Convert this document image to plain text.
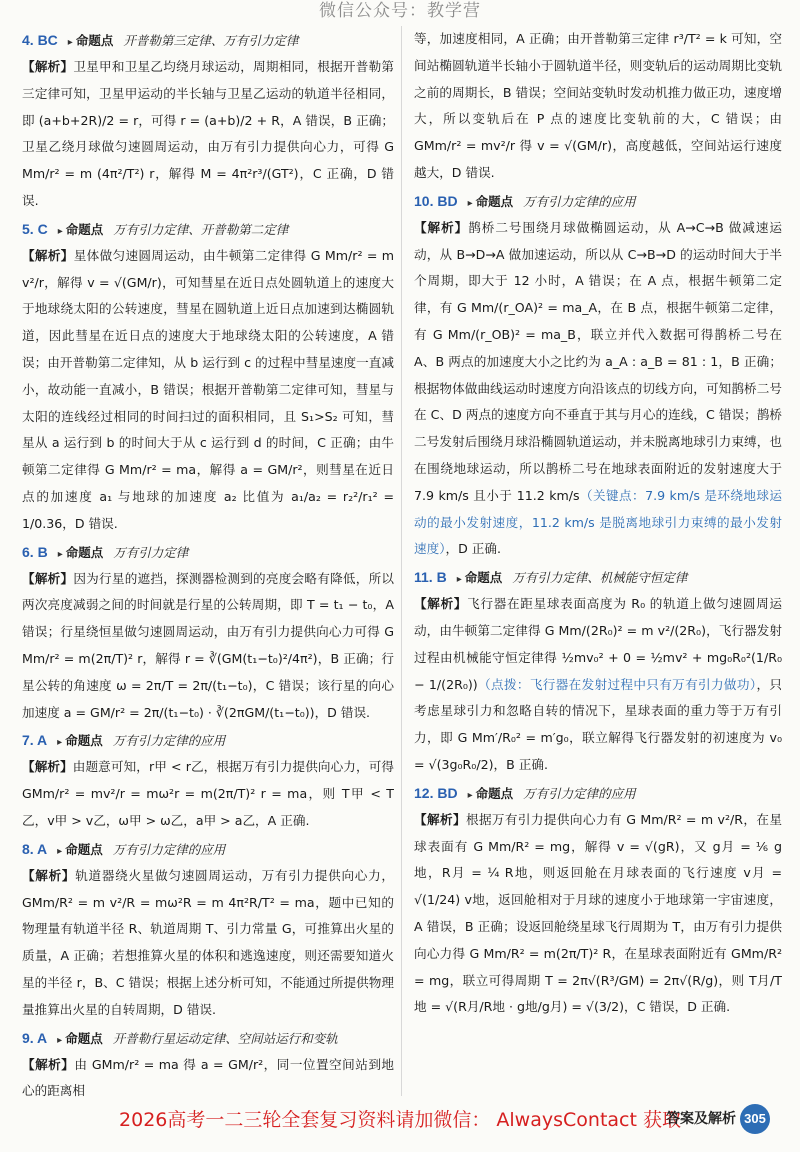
微信公众号：教学营
4. BC	▸ 命题点 开普勒第三定律、万有引力定律

【解析】卫星甲和卫星乙均绕月球运动，周期相同，根据开普勒第三定律可知，卫星甲运动的半长轴与卫星乙运动的轨道半径相同，即 (a+b+2R)/2 = r，可得 r = (a+b)/2 + R，A 错误，B 正确；卫星乙绕月球做匀速圆周运动，由万有引力提供向心力，可得 G Mm/r² = m (4π²/T²) r，解得 M = 4π²r³/(GT²)，C 正确，D 错误.

5. C	▸ 命题点 万有引力定律、开普勒第二定律

【解析】星体做匀速圆周运动，由牛顿第二定律得 G Mm/r² = m v²/r，解得 v = √(GM/r)，可知彗星在近日点处圆轨道上的速度大于地球绕太阳的公转速度，彗星在圆轨道上近日点加速到达椭圆轨道，因此彗星在近日点的速度大于地球绕太阳的公转速度，A 错误；由开普勒第二定律知，从 b 运行到 c 的过程中彗星速度一直减小，故动能一直减小，B 错误；根据开普勒第二定律可知，彗星与太阳的连线经过相同的时间扫过的面积相同，且 S₁>S₂ 可知，彗星从 a 运行到 b 的时间大于从 c 运行到 d 的时间，C 正确；由牛顿第二定律得 G Mm/r² = ma，解得 a = GM/r²，则彗星在近日点的加速度 a₁ 与地球的加速度 a₂ 比值为 a₁/a₂ = r₂²/r₁² = 1/0.36，D 错误.

6. B	▸ 命题点 万有引力定律

【解析】因为行星的遮挡，探测器检测到的亮度会略有降低，所以两次亮度减弱之间的时间就是行星的公转周期，即 T = t₁ − t₀，A 错误；行星绕恒星做匀速圆周运动，由万有引力提供向心力可得 G Mm/r² = m(2π/T)² r，解得 r = ∛(GM(t₁−t₀)²/4π²)，B 正确；行星公转的角速度 ω = 2π/T = 2π/(t₁−t₀)，C 错误；该行星的向心加速度 a = GM/r² = 2π/(t₁−t₀) · ∛(2πGM/(t₁−t₀))，D 错误.

7. A	▸ 命题点 万有引力定律的应用

【解析】由题意可知，r甲 < r乙，根据万有引力提供向心力，可得 GMm/r² = mv²/r = mω²r = m(2π/T)² r = ma，则 T甲 < T乙，v甲 > v乙，ω甲 > ω乙，a甲 > a乙，A 正确.

8. A	▸ 命题点 万有引力定律的应用

【解析】轨道器绕火星做匀速圆周运动，万有引力提供向心力，GMm/R² = m v²/R = mω²R = m 4π²R/T² = ma，题中已知的物理量有轨道半径 R、轨道周期 T、引力常量 G，可推算出火星的质量，A 正确；若想推算火星的体积和逃逸速度，则还需要知道火星的半径 r，B、C 错误；根据上述分析可知，不能通过所提供物理量推算出火星的自转周期，D 错误.

9. A	▸ 命题点 开普勒行星运动定律、空间站运行和变轨

【解析】由 GMm/r² = ma 得 a = GM/r²，同一位置空间站到地心的距离相

等，加速度相同，A 正确；由开普勒第三定律 r³/T² = k 可知，空间站椭圆轨道半长轴小于圆轨道半径，则变轨后的运动周期比变轨之前的周期长，B 错误；空间站变轨时发动机推力做正功，速度增大，所以变轨后在 P 点的速度比变轨前的大，C 错误；由 GMm/r² = mv²/r 得 v = √(GM/r)，高度越低，空间站运行速度越大，D 错误.

10. BD	▸ 命题点 万有引力定律的应用

【解析】鹊桥二号围绕月球做椭圆运动，从 A→C→B 做减速运动，从 B→D→A 做加速运动，所以从 C→B→D 的运动时间大于半个周期，即大于 12 小时，A 错误；在 A 点，根据牛顿第二定律，有 G Mm/(r_OA)² = ma_A，在 B 点，根据牛顿第二定律，有 G Mm/(r_OB)² = ma_B，联立并代入数据可得鹊桥二号在 A、B 两点的加速度大小之比约为 a_A : a_B = 81 : 1，B 正确；根据物体做曲线运动时速度方向沿该点的切线方向，可知鹊桥二号在 C、D 两点的速度方向不垂直于其与月心的连线，C 错误；鹊桥二号发射后围绕月球沿椭圆轨道运动，并未脱离地球引力束缚，也在围绕地球运动，所以鹊桥二号在地球表面附近的发射速度大于 7.9 km/s 且小于 11.2 km/s（关键点：7.9 km/s 是环绕地球运动的最小发射速度，11.2 km/s 是脱离地球引力束缚的最小发射速度），D 正确.

11. B	▸ 命题点 万有引力定律、机械能守恒定律

【解析】飞行器在距星球表面高度为 R₀ 的轨道上做匀速圆周运动，由牛顿第二定律得 G Mm/(2R₀)² = m v²/(2R₀)，飞行器发射过程由机械能守恒定律得 ½mv₀² + 0 = ½mv² + mg₀R₀²(1/R₀ − 1/(2R₀))（点拨：飞行器在发射过程中只有万有引力做功），只考虑星球引力和忽略自转的情况下，星球表面的重力等于万有引力，即 G Mm′/R₀² = m′g₀，联立解得飞行器发射的初速度为 v₀ = √(3g₀R₀/2)，B 正确.

12. BD	▸ 命题点 万有引力定律的应用

【解析】根据万有引力提供向心力有 G Mm/R² = m v²/R，在星球表面有 G Mm/R² = mg，解得 v = √(gR)，又 g月 = ⅙ g地，R月 = ¼ R地，则返回舱在月球表面的飞行速度 v月 = √(1/24) v地，返回舱相对于月球的速度小于地球第一宇宙速度，A 错误，B 正确；设返回舱绕星球飞行周期为 T，由万有引力提供向心力得 G Mm/R² = m(2π/T)² R，在星球表面附近有 GMm/R² = mg，联立可得周期 T = 2π√(R³/GM) = 2π√(R/g)，则 T月/T地 = √(R月/R地 · g地/g月) = √(3/2)，C 错误，D 正确.

2026高考一二三轮全套复习资料请加微信： AlwaysContact 获取
答案及解析 305
